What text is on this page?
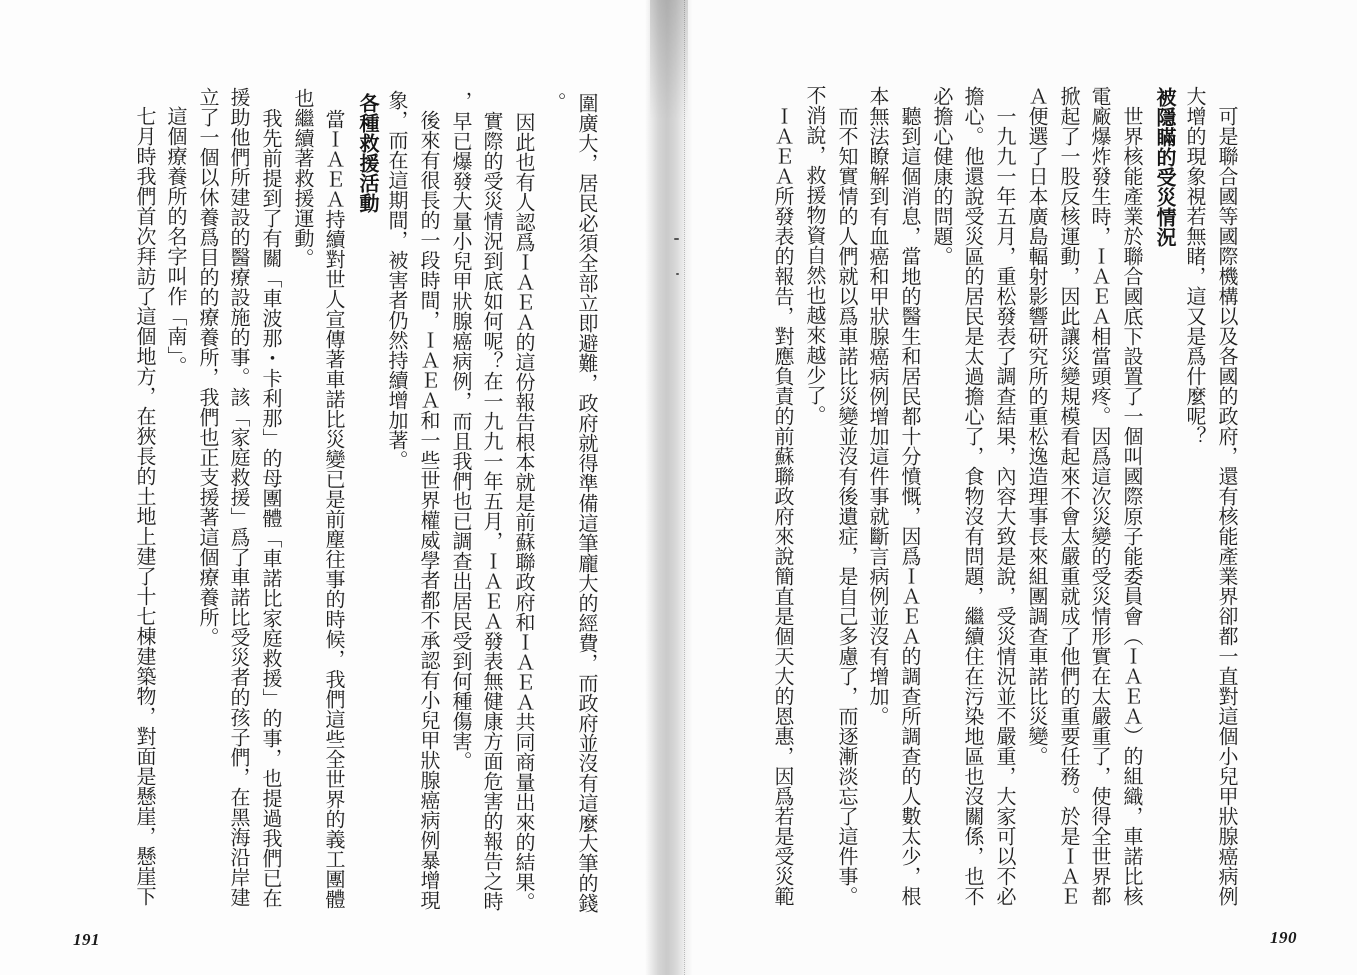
圍廣大，居民必須全部立即避難，政府就得準備這筆龐大的經費，而政府並沒有這麼大筆的錢
。
因此也有人認爲ＩＡＥＡ的這份報告根本就是前蘇聯政府和ＩＡＥＡ共同商量出來的結果。
實際的受災情況到底如何呢？在一九九一年五月，ＩＡＥＡ發表無健康方面危害的報告之時
，早已爆發大量小兒甲狀腺癌病例，而且我們也已調查出居民受到何種傷害。
後來有很長的一段時間，ＩＡＥＡ和一些世界權威學者都不承認有小兒甲狀腺癌病例暴增現
象，而在這期間，被害者仍然持續增加著。
各種救援活動
當ＩＡＥＡ持續對世人宣傳著車諾比災變已是前塵往事的時候，我們這些全世界的義工團體
也繼續著救援運動。
我先前提到了有關「車波那・卡利那」的母團體「車諾比家庭救援」的事，也提過我們已在
援助他們所建設的醫療設施的事。該「家庭救援」爲了車諾比受災者的孩子們，在黑海沿岸建
立了一個以休養爲目的的療養所，我們也正支援著這個療養所。
這個療養所的名字叫作「南」。
七月時我們首次拜訪了這個地方，在狹長的土地上建了十七棟建築物，對面是懸崖，懸崖下
191
可是聯合國等國際機構以及各國的政府，還有核能產業界卻都一直對這個小兒甲狀腺癌病例
大增的現象視若無睹，這又是爲什麼呢？
被隱瞞的受災情況
世界核能產業於聯合國底下設置了一個叫國際原子能委員會（ＩＡＥＡ）的組織，車諾比核
電廠爆炸發生時，ＩＡＥＡ相當頭疼。因爲這次災變的受災情形實在太嚴重了，使得全世界都
掀起了一股反核運動，因此讓災變規模看起來不會太嚴重就成了他們的重要任務。於是ＩＡＥ
Ａ便選了日本廣島輻射影響研究所的重松逸造理事長來組團調查車諾比災變。
一九九一年五月，重松發表了調查結果，內容大致是說，受災情況並不嚴重，大家可以不必
擔心。他還說受災區的居民是太過擔心了，食物沒有問題，繼續住在污染地區也沒關係，也不
必擔心健康的問題。
聽到這個消息，當地的醫生和居民都十分憤慨，因爲ＩＡＥＡ的調查所調查的人數太少，根
本無法瞭解到有血癌和甲狀腺癌病例增加這件事就斷言病例並沒有增加。
而不知實情的人們就以爲車諾比災變並沒有後遺症，是自己多慮了，而逐漸淡忘了這件事。
不消說，救援物資自然也越來越少了。
ＩＡＥＡ所發表的報告，對應負責的前蘇聯政府來說簡直是個天大的恩惠，因爲若是受災範
190
